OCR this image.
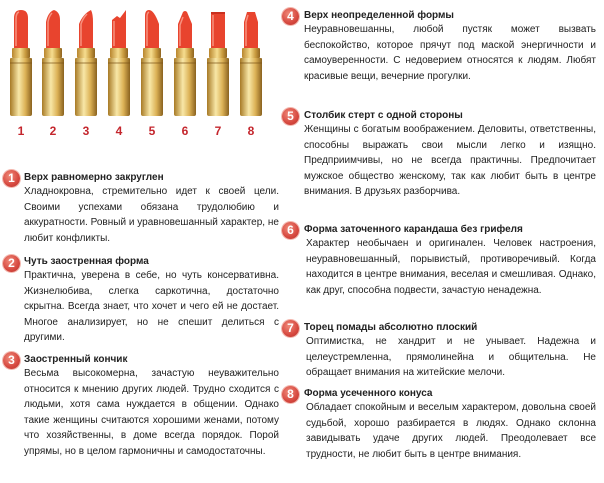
1	2	3	4	5	6	7	8
1 Верх равномерно закруглен
Хладнокровна, стремительно идет к своей цели. Своими успехами обязана трудолюбию и аккуратности. Ровный и уравновешанный характер, не любит конфликты.
2 Чуть заостренная форма
Практична, уверена в себе, но чуть консервативна. Жизнелюбива, слегка саркотична, достаточно скрытна. Всегда знает, что хочет и чего ей не достает. Многое анализирует, но не спешит делиться с другими.
3 Заостренный кончик
Весьма высокомерна, зачастую неуважительно относится к мнению других людей. Трудно сходится с людьми, хотя сама нуждается в общении. Однако такие женщины считаются хорошими женами, потому что хозяйственны, в доме всегда порядок. Порой упрямы, но в целом гармоничны и самодостаточны.
4	Верх неопределенной формы
Неуравновешанны, любой пустяк может вызвать беспокойство, которое прячут под маской энергичности и самоуверенности. С недоверием относятся к людям. Любят красивые вещи, вечерние прогулки.
5	Столбик стерт с одной стороны
Женщины с богатым воображением. Деловиты, ответственны, способны выражать свои мысли легко и изящно. Предприимчивы, но не всегда практичны. Предпочитает мужское общество женскому, так как любит быть в центре внимания. В друзьях разборчива.
6	Форма заточенного карандаша без грифеля
Характер необычаен и оригинален. Человек настроения, неуравновешанный, порывистый, противоречивый. Когда находится в центре внимания, веселая и смешливая. Однако, как друг, способна подвести, зачастую ненадежна.
7	Торец помады абсолютно плоский
Оптимистка, не хандрит и не унывает. Надежна и целеустремленна, прямолинейна и общительна. Не обращает внимания на житейские мелочи.
8	Форма усеченного конуса
Обладает спокойным и веселым характером, довольна своей судьбой, хорошо разбирается в людях. Однако склонна завидывать удаче других людей. Преодолевает все трудности, не любит быть в центре внимания.
